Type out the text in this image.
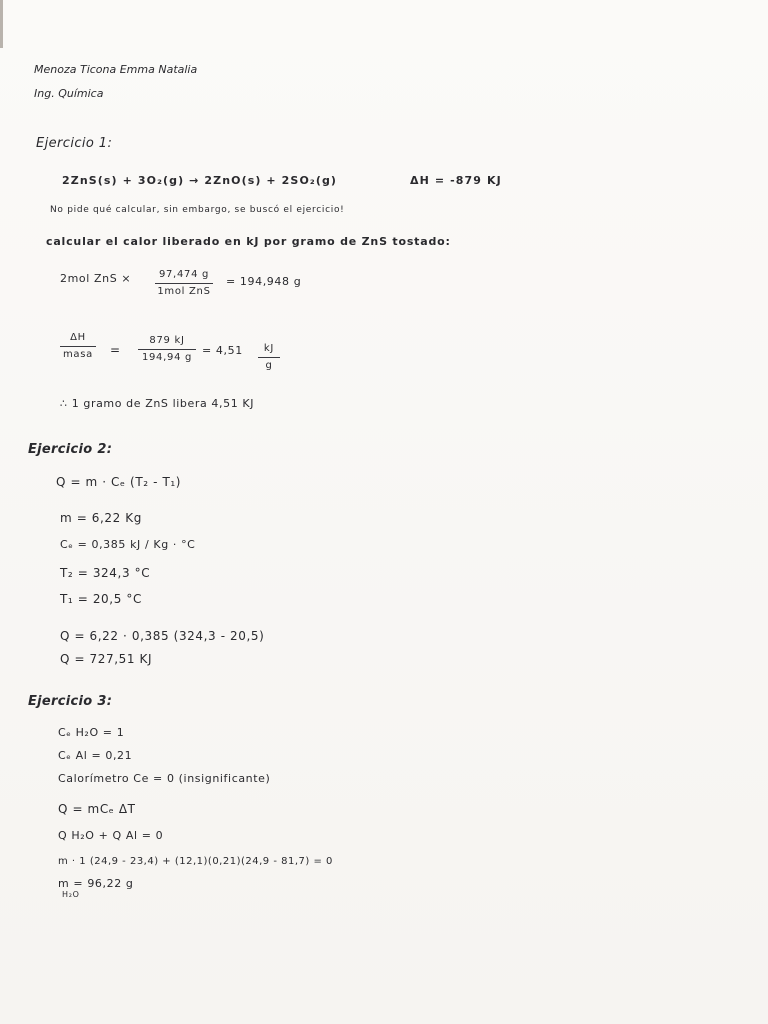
Menoza Ticona Emma Natalia
Ing. Química
Ejercicio 1:
2ZnS(s) + 3O₂(g) → 2ZnO(s) + 2SO₂(g)	ΔH = -879 KJ
No pide qué calcular, sin embargo, se buscó el ejercicio!
calcular el calor liberado en kJ por gramo de ZnS tostado:
2mol ZnS ×	97,474 g
1mol ZnS
= 194,948 g
ΔH
masa =
879 kJ
194,94 g
= 4,51 kJ
g
∴ 1 gramo de ZnS libera 4,51 KJ
Ejercicio 2:
Q = m · Cₑ (T₂ - T₁)
m = 6,22 Kg
Cₑ = 0,385 kJ / Kg · °C
T₂ = 324,3 °C
T₁ = 20,5 °C
Q = 6,22 · 0,385 (324,3 - 20,5)
Q = 727,51 KJ
Ejercicio 3:
Cₑ H₂O = 1
Cₑ Al = 0,21
Calorímetro Ce = 0 (insignificante)
Q = mCₑ ΔT
Q H₂O + Q Al = 0
m · 1 (24,9 - 23,4) + (12,1)(0,21)(24,9 - 81,7) = 0
m = 96,22 g
H₂O
